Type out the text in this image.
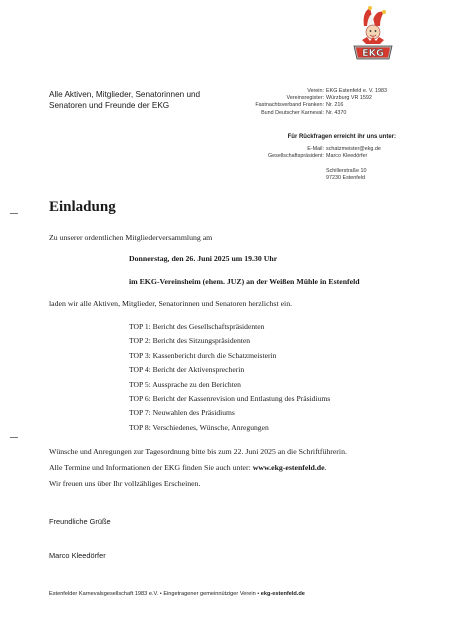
EKG
Alle Aktiven, Mitglieder, Senatorinnen und
Senatoren und Freunde der EKG
Verein: EKG Estenfeld e. V. 1983
Vereinsregister: Würzburg VR 1592
Fastnachtsverband Franken: Nr. 216
Bund Deutscher Karneval: Nr. 4370
Für Rückfragen erreicht ihr uns unter:
E-Mail: schatzmeister@ekg.de
Gesellschaftspräsident: Marco Kleedörfer
Schillerstraße 10
97230 Estenfeld
Einladung
Zu unserer ordentlichen Mitgliederversammlung am
Donnerstag, den 26. Juni 2025 um 19.30 Uhr
im EKG-Vereinsheim (ehem. JUZ) an der Weißen Mühle in Estenfeld
laden wir alle Aktiven, Mitglieder, Senatorinnen und Senatoren herzlichst ein.
TOP 1: Bericht des Gesellschaftspräsidenten
TOP 2: Bericht des Sitzungspräsidenten
TOP 3: Kassenbericht durch die Schatzmeisterin
TOP 4: Bericht der Aktivensprecherin
TOP 5: Aussprache zu den Berichten
TOP 6: Bericht der Kassenrevision und Entlastung des Präsidiums
TOP 7: Neuwahlen des Präsidiums
TOP 8: Verschiedenes, Wünsche, Anregungen
Wünsche und Anregungen zur Tagesordnung bitte bis zum 22. Juni 2025 an die Schriftführerin.
Alle Termine und Informationen der EKG finden Sie auch unter: www.ekg-estenfeld.de.
Wir freuen uns über Ihr vollzähliges Erscheinen.
Freundliche Grüße
Marco Kleedörfer
Estenfelder Karnevalsgesellschaft 1983 e.V. • Eingetragener gemeinnütziger Verein • ekg-estenfeld.de
